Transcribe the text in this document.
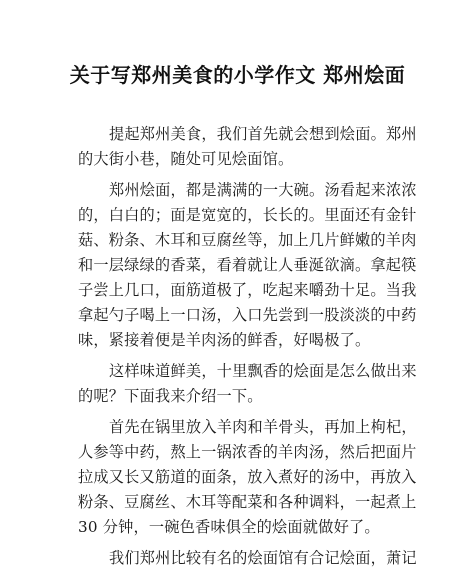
关于写郑州美食的小学作文 郑州烩面
提起郑州美食，我们首先就会想到烩面。郑州
的大街小巷，随处可见烩面馆。
郑州烩面，都是满满的一大碗。汤看起来浓浓
的，白白的；面是宽宽的，长长的。里面还有金针
菇、粉条、木耳和豆腐丝等，加上几片鲜嫩的羊肉
和一层绿绿的香菜，看着就让人垂涎欲滴。拿起筷
子尝上几口，面筋道极了，吃起来嚼劲十足。当我
拿起勺子喝上一口汤，入口先尝到一股淡淡的中药
味，紧接着便是羊肉汤的鲜香，好喝极了。
这样味道鲜美，十里飘香的烩面是怎么做出来
的呢？下面我来介绍一下。
首先在锅里放入羊肉和羊骨头，再加上枸杞，
人参等中药，熬上一锅浓香的羊肉汤，然后把面片
拉成又长又筋道的面条，放入煮好的汤中，再放入
粉条、豆腐丝、木耳等配菜和各种调料，一起煮上
30 分钟，一碗色香味俱全的烩面就做好了。
我们郑州比较有名的烩面馆有合记烩面，萧记
